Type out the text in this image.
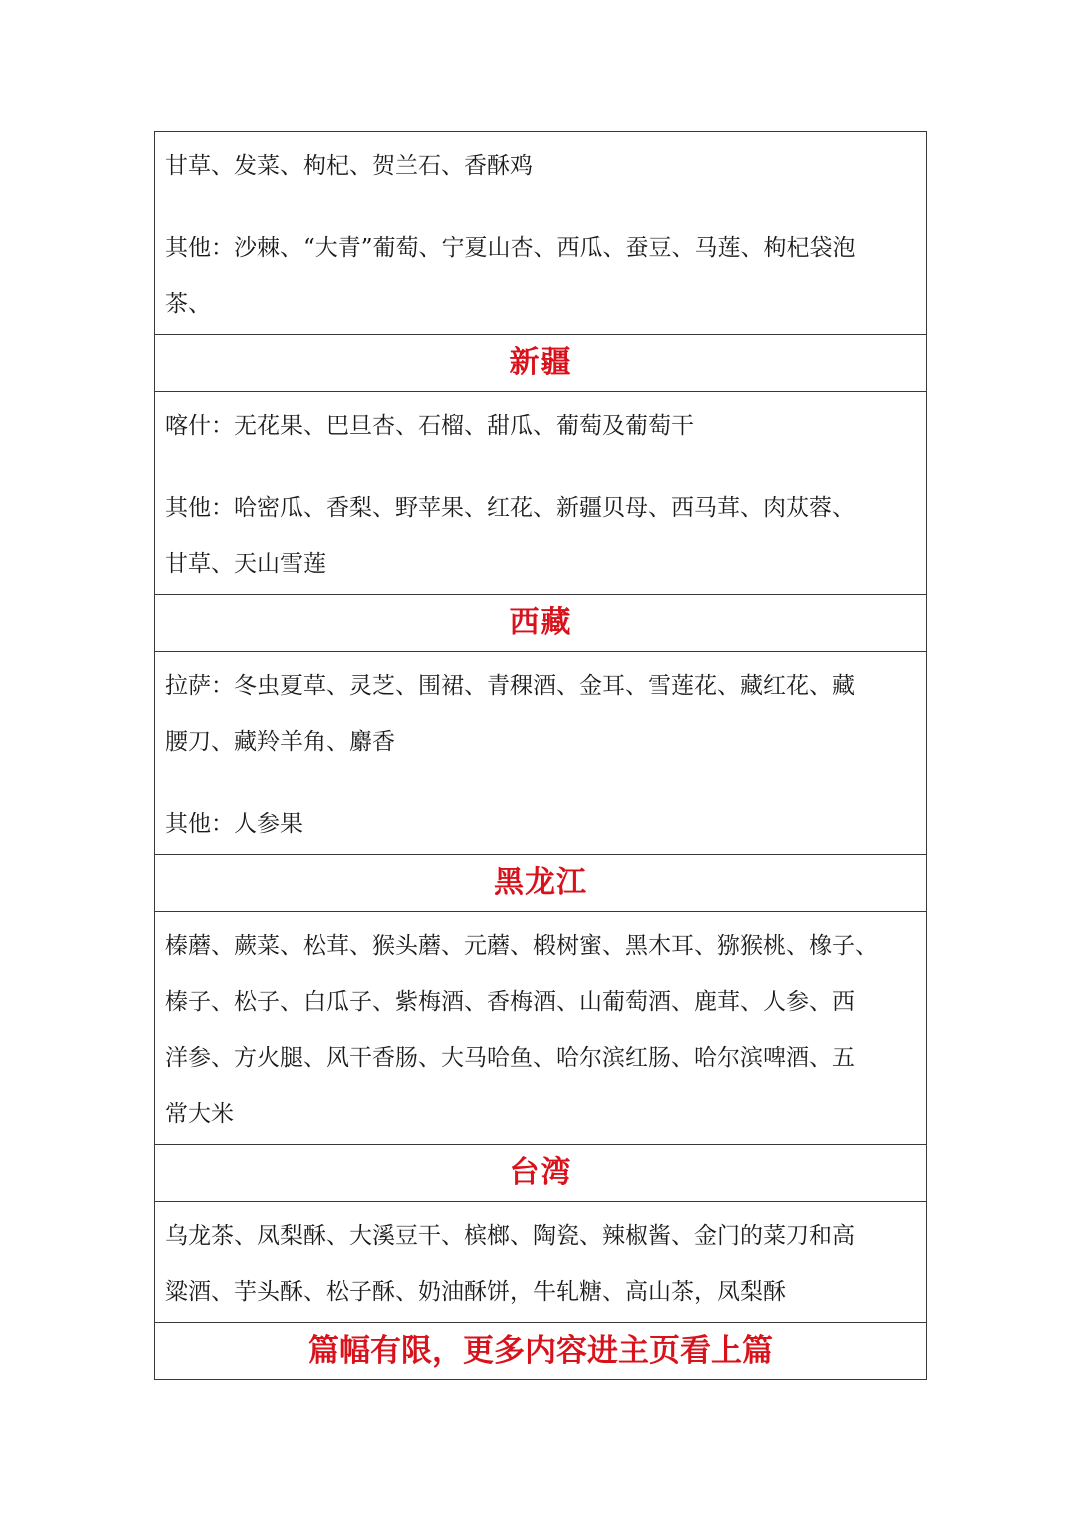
甘草、发菜、枸杞、贺兰石、香酥鸡
其他：沙棘、“大青”葡萄、宁夏山杏、西瓜、蚕豆、马莲、枸杞袋泡
茶、

新疆

喀什：无花果、巴旦杏、石榴、甜瓜、葡萄及葡萄干
其他：哈密瓜、香梨、野苹果、红花、新疆贝母、西马茸、肉苁蓉、
甘草、天山雪莲

西藏

拉萨：冬虫夏草、灵芝、围裙、青稞酒、金耳、雪莲花、藏红花、藏
腰刀、藏羚羊角、麝香
其他：人参果

黑龙江

榛蘑、蕨菜、松茸、猴头蘑、元蘑、椴树蜜、黑木耳、猕猴桃、橡子、
榛子、松子、白瓜子、紫梅酒、香梅酒、山葡萄酒、鹿茸、人参、西
洋参、方火腿、风干香肠、大马哈鱼、哈尔滨红肠、哈尔滨啤酒、五
常大米

台湾

乌龙茶、凤梨酥、大溪豆干、槟榔、陶瓷、辣椒酱、金门的菜刀和高
粱酒、芋头酥、松子酥、奶油酥饼，牛轧糖、高山茶，凤梨酥

篇幅有限，更多内容进主页看上篇
